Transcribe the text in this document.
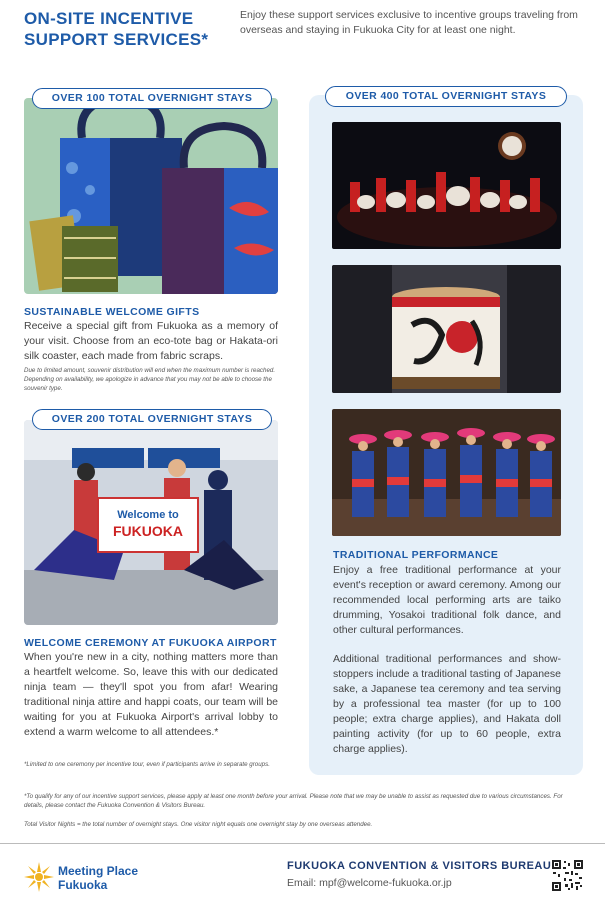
ON-SITE INCENTIVE SUPPORT SERVICES*
Enjoy these support services exclusive to incentive groups traveling from overseas and staying in Fukuoka City for at least one night.
OVER 100 TOTAL OVERNIGHT STAYS
SUSTAINABLE WELCOME GIFTS
Receive a special gift from Fukuoka as a memory of your visit. Choose from an eco-tote bag or Hakata-ori silk coaster, each made from fabric scraps.
Due to limited amount, souvenir distribution will end when the maximum number is reached. Depending on availability, we apologize in advance that you may not be able to choose the souvenir type.
OVER 200 TOTAL OVERNIGHT STAYS
Welcome to
FUKUOKA
WELCOME CEREMONY AT FUKUOKA AIRPORT
When you're new in a city, nothing matters more than a heartfelt welcome. So, leave this with our dedicated ninja team — they'll spot you from afar! Wearing traditional ninja attire and happi coats, our team will be waiting for you at Fukuoka Airport's arrival lobby to extend a warm welcome to all attendees.*
*Limited to one ceremony per incentive tour, even if participants arrive in separate groups.
OVER 400 TOTAL OVERNIGHT STAYS
TRADITIONAL PERFORMANCE
Enjoy a free traditional performance at your event's reception or award ceremony. Among our recommended local performing arts are taiko drumming, Yosakoi traditional folk dance, and other cultural performances.
Additional traditional performances and show-stoppers include a traditional tasting of Japanese sake, a Japanese tea ceremony and tea serving by a professional tea master (for up to 100 people; extra charge applies), and Hakata doll painting activity (for up to 60 people, extra charge applies).
*To qualify for any of our incentive support services, please apply at least one month before your arrival. Please note that we may be unable to assist as requested due to various circumstances. For details, please contact the Fukuoka Convention & Visitors Bureau.
Total Visitor Nights = the total number of overnight stays. One visitor night equals one overnight stay by one overseas attendee.
Meeting Place
Fukuoka
FUKUOKA CONVENTION & VISITORS BUREAU
Email: mpf@welcome-fukuoka.or.jp
